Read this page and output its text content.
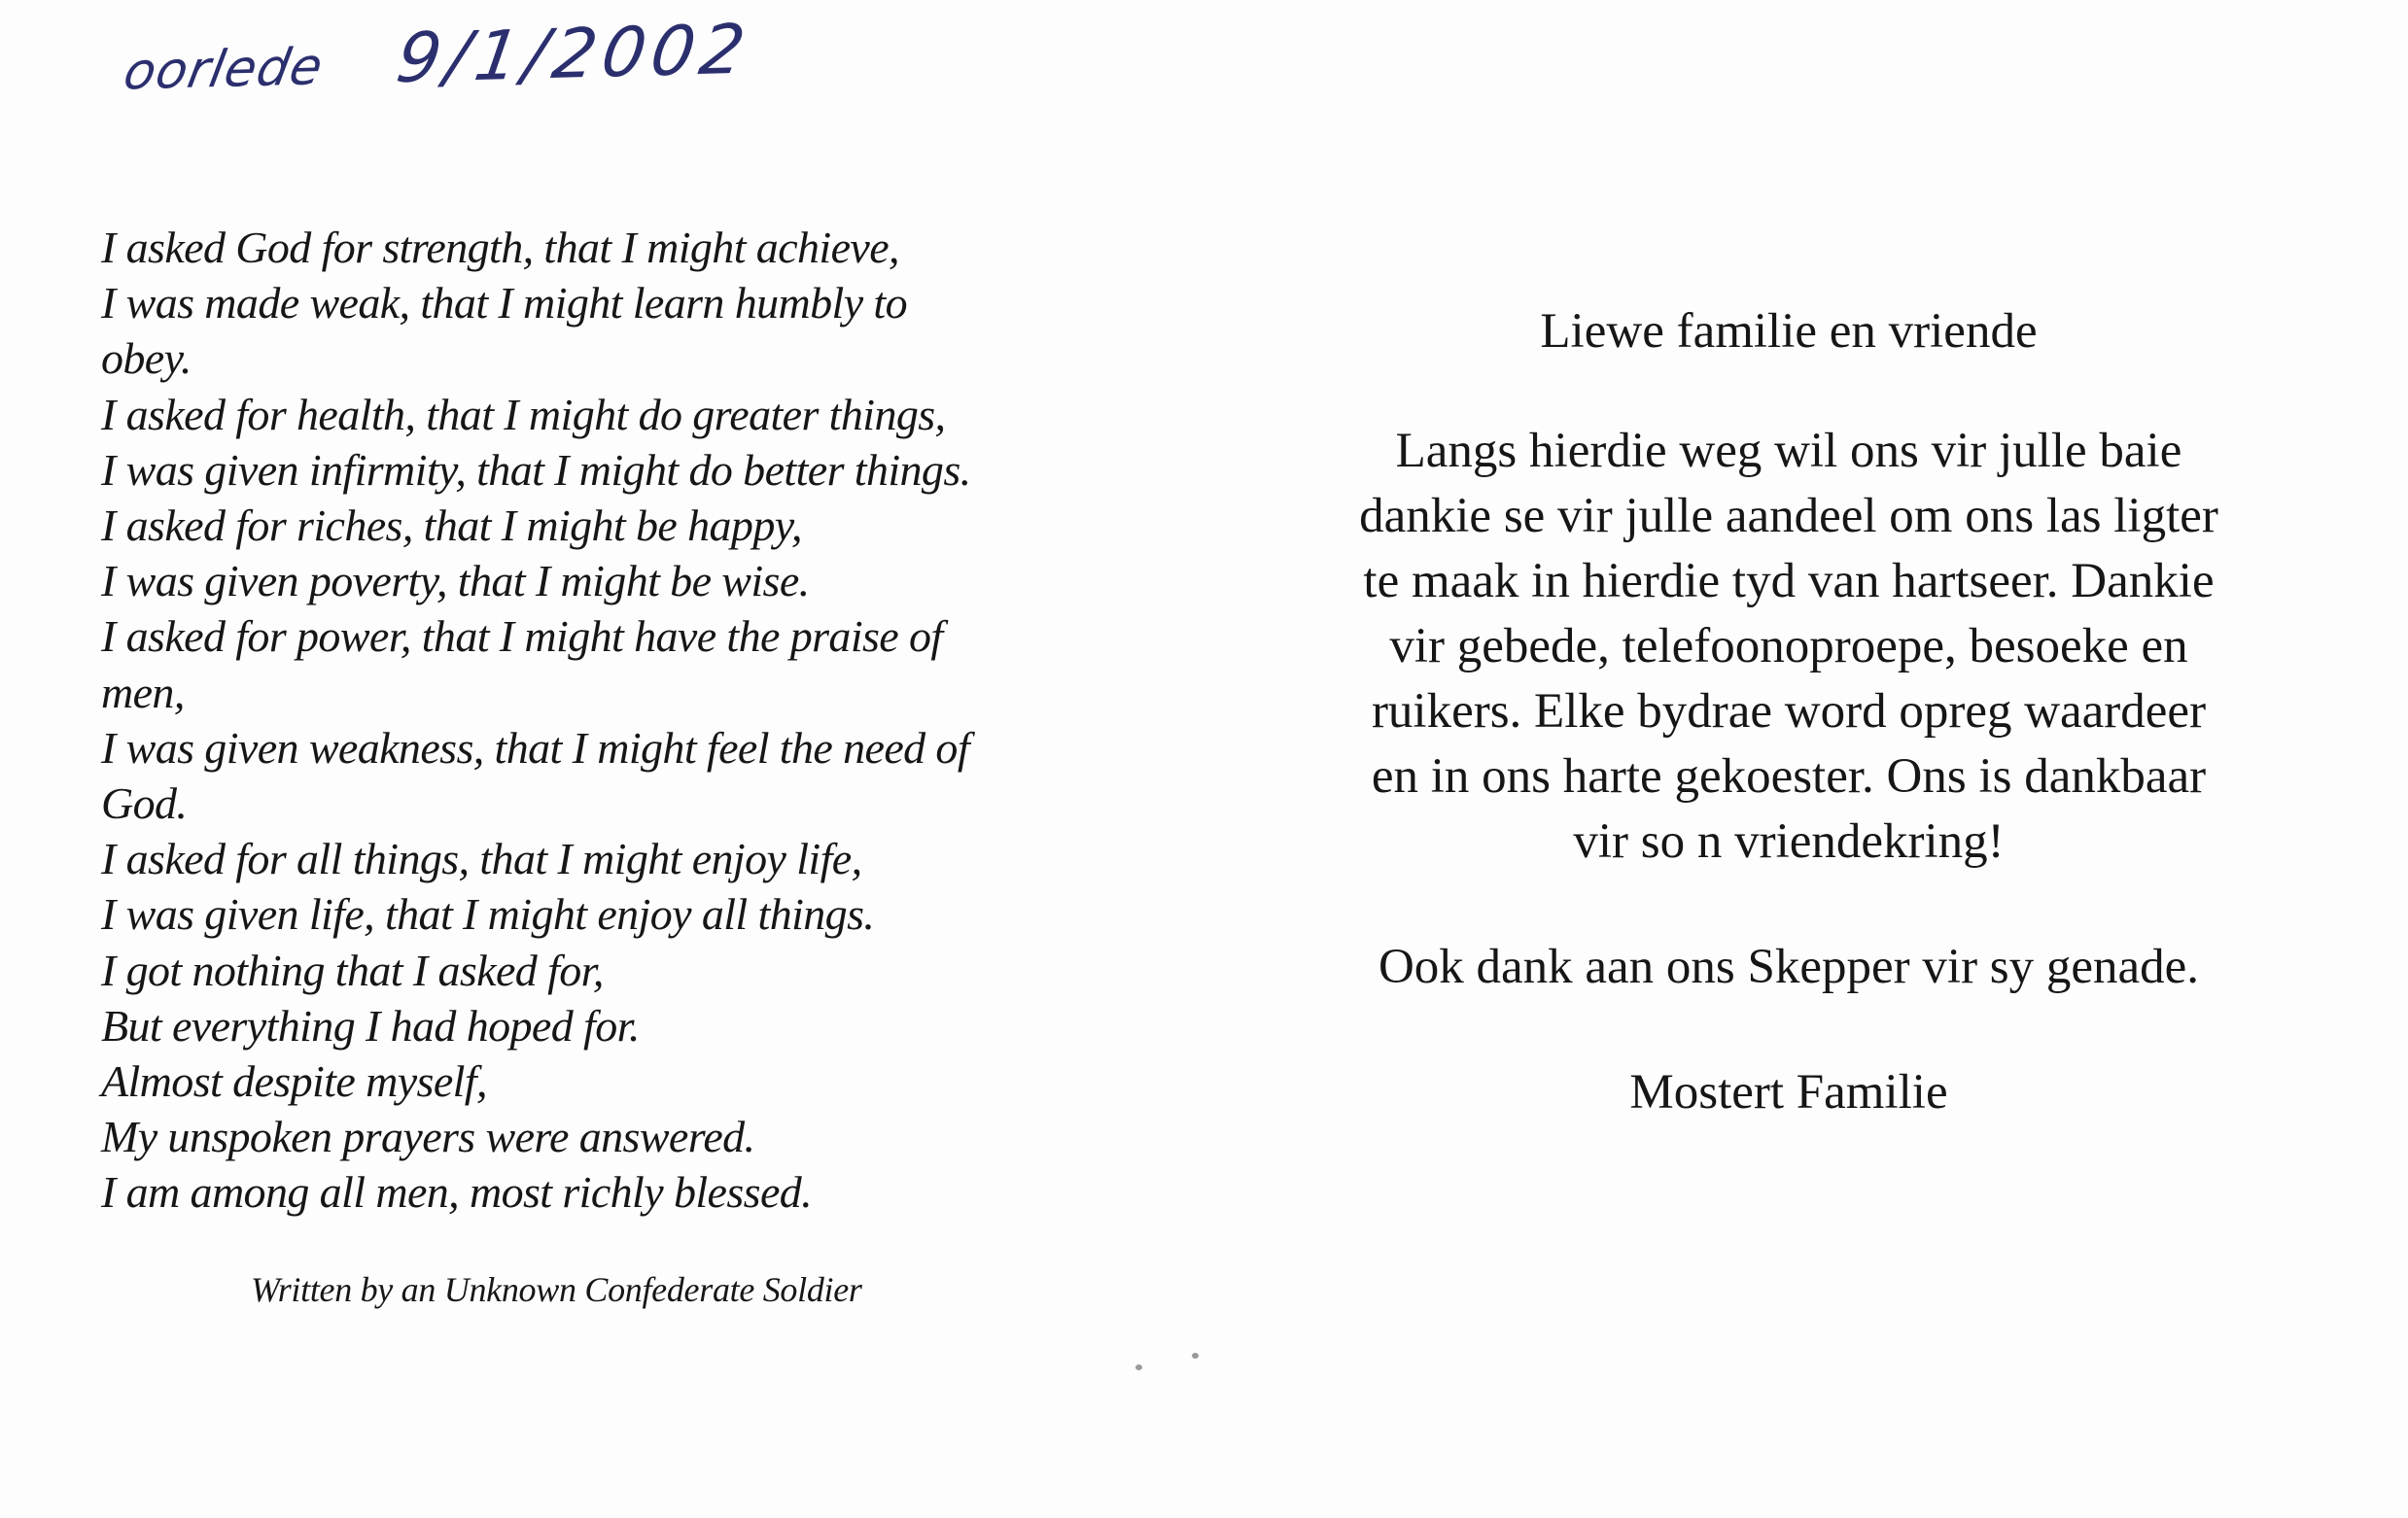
oorlede 9/1/2002
I asked God for strength, that I might achieve,
I was made weak, that I might learn humbly to
obey.
I asked for health, that I might do greater things,
I was given infirmity, that I might do better things.
I asked for riches, that I might be happy,
I was given poverty, that I might be wise.
I asked for power, that I might have the praise of
men,
I was given weakness, that I might feel the need of
God.
I asked for all things, that I might enjoy life,
I was given life, that I might enjoy all things.
I got nothing that I asked for,
But everything I had hoped for.
Almost despite myself,
My unspoken prayers were answered.
I am among all men, most richly blessed.
Written by an Unknown Confederate Soldier
Liewe familie en vriende
Langs hierdie weg wil ons vir julle baie
dankie se vir julle aandeel om ons las ligter
te maak in hierdie tyd van hartseer. Dankie
vir gebede, telefoonoproepe, besoeke en
ruikers. Elke bydrae word opreg waardeer
en in ons harte gekoester. Ons is dankbaar
vir so n vriendekring!
Ook dank aan ons Skepper vir sy genade.
Mostert Familie
